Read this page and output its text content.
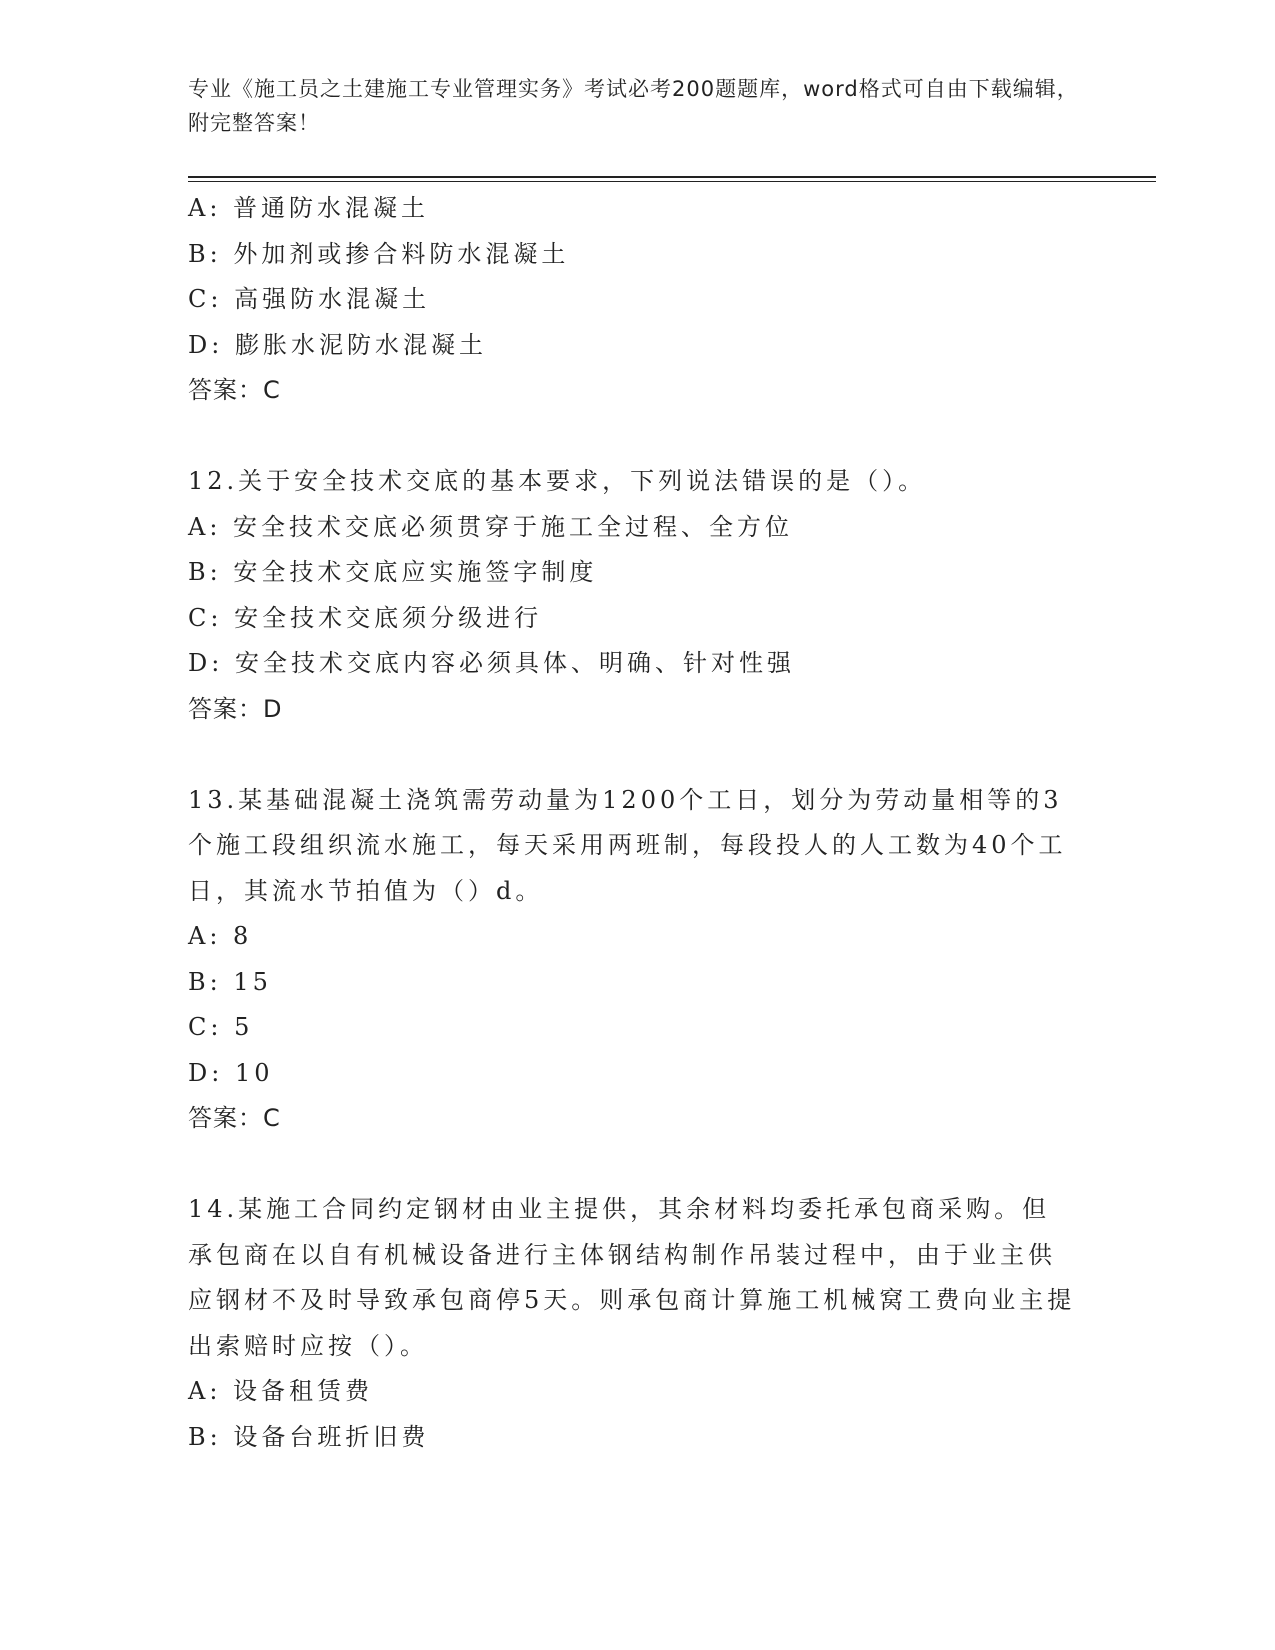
专业《施工员之土建施工专业管理实务》考试必考200题题库，word格式可自由下载编辑，附完整答案！
A: 普通防水混凝土
B: 外加剂或掺合料防水混凝土
C: 高强防水混凝土
D: 膨胀水泥防水混凝土
答案：C
12.关于安全技术交底的基本要求，下列说法错误的是（）。
A: 安全技术交底必须贯穿于施工全过程、全方位
B: 安全技术交底应实施签字制度
C: 安全技术交底须分级进行
D: 安全技术交底内容必须具体、明确、针对性强
答案：D
13.某基础混凝土浇筑需劳动量为1200个工日，划分为劳动量相等的3个施工段组织流水施工，每天采用两班制，每段投人的人工数为40个工日，其流水节拍值为（）d。
A: 8
B: 15
C: 5
D: 10
答案：C
14.某施工合同约定钢材由业主提供，其余材料均委托承包商采购。但承包商在以自有机械设备进行主体钢结构制作吊装过程中，由于业主供应钢材不及时导致承包商停5天。则承包商计算施工机械窝工费向业主提出索赔时应按（）。
A: 设备租赁费
B: 设备台班折旧费
